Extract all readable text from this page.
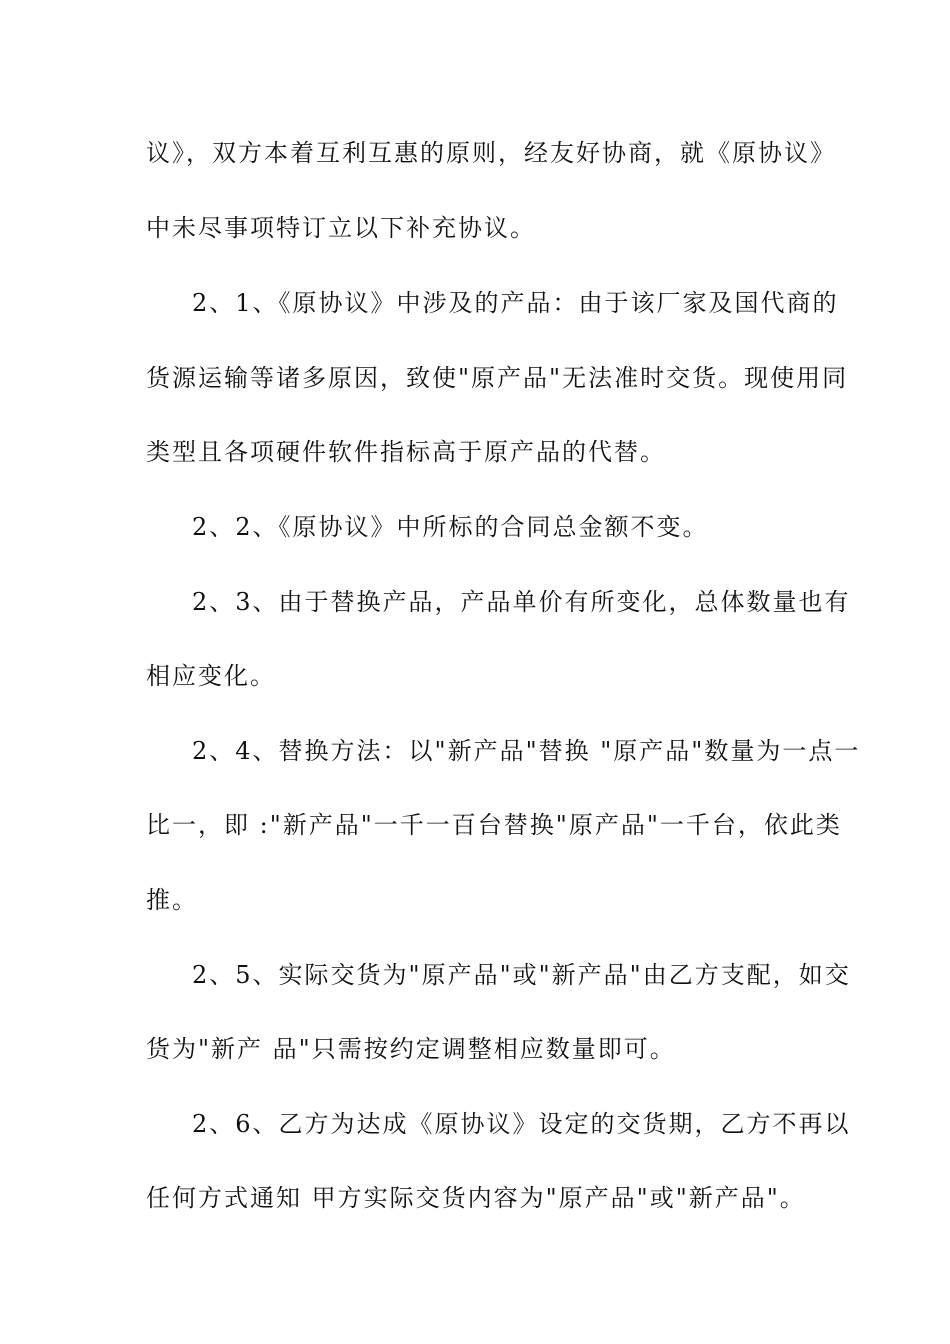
议》，双方本着互利互惠的原则，经友好协商，就《原协议》
中未尽事项特订立以下补充协议。
2、1、《原协议》中涉及的产品：由于该厂家及国代商的
货源运输等诸多原因，致使"原产品"无法准时交货。现使用同
类型且各项硬件软件指标高于原产品的代替。
2、2、《原协议》中所标的合同总金额不变。
2、3、由于替换产品，产品单价有所变化，总体数量也有
相应变化。
2、4、替换方法：以"新产品"替换 "原产品"数量为一点一
比一，即 :"新产品"一千一百台替换"原产品"一千台，依此类
推。
2、5、实际交货为"原产品"或"新产品"由乙方支配，如交
货为"新产 品"只需按约定调整相应数量即可。
2、6、乙方为达成《原协议》设定的交货期，乙方不再以
任何方式通知 甲方实际交货内容为"原产品"或"新产品"。
